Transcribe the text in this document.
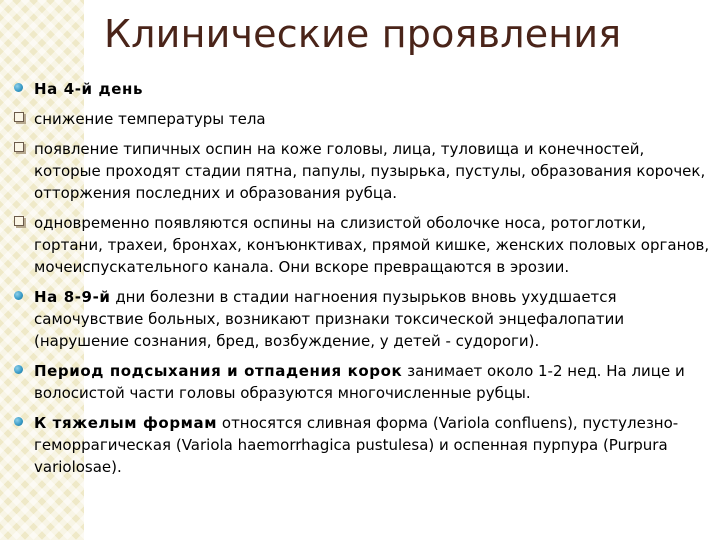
Клинические проявления
На 4-й день
снижение температуры тела
появление типичных оспин на коже головы, лица, туловища и конечностей, которые проходят стадии пятна, папулы, пузырька, пустулы, образования корочек, отторжения последних и образования рубца.
одновременно появляются оспины на слизистой оболочке носа, ротоглотки, гортани, трахеи, бронхах, конъюнктивах, прямой кишке, женских половых органов, мочеиспускательного канала. Они вскоре превращаются в эрозии.
На 8-9-й дни болезни в стадии нагноения пузырьков вновь ухудшается самочувствие больных, возникают признаки токсической энцефалопатии (нарушение сознания, бред, возбуждение, у детей - судороги).
Период подсыхания и отпадения корок занимает около 1-2 нед. На лице и волосистой части головы образуются многочисленные рубцы.
К тяжелым формам относятся сливная форма (Variola confluens), пустулезно-геморрагическая (Variola haemorrhagica pustulesa) и оспенная пурпура (Purpura variolosae).
